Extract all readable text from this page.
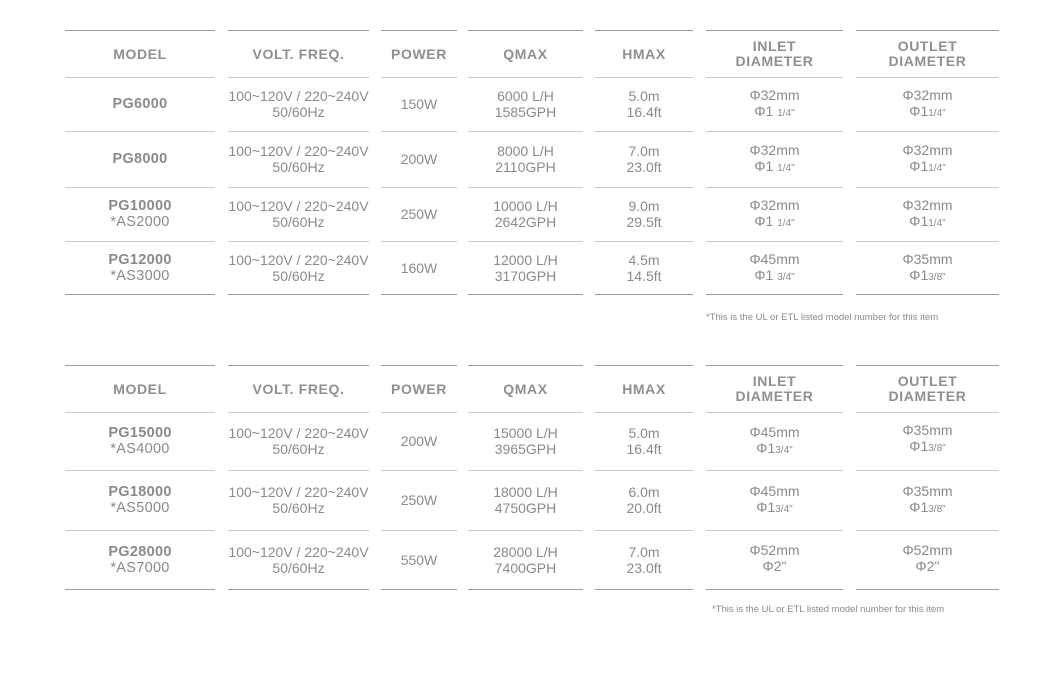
MODEL
PG6000
PG8000
PG10000
*AS2000
PG12000
*AS3000
VOLT. FREQ.
100~120V / 220~240V
50/60Hz
100~120V / 220~240V
50/60Hz
100~120V / 220~240V
50/60Hz
100~120V / 220~240V
50/60Hz
POWER
150W
200W
250W
160W
QMAX
6000 L/H
1585GPH
8000 L/H
2110GPH
10000 L/H
2642GPH
12000 L/H
3170GPH
HMAX
5.0m
16.4ft
7.0m
23.0ft
9.0m
29.5ft
4.5m
14.5ft
INLET
DIAMETER
Φ32mm
Φ1 1/4"
Φ32mm
Φ1 1/4"
Φ32mm
Φ1 1/4"
Φ45mm
Φ1 3/4"
OUTLET
DIAMETER
Φ32mm
Φ11/4"
Φ32mm
Φ11/4"
Φ32mm
Φ11/4"
Φ35mm
Φ13/8"
*This is the UL or ETL listed model number for this item
MODEL
PG15000
*AS4000
PG18000
*AS5000
PG28000
*AS7000
VOLT. FREQ.
100~120V / 220~240V
50/60Hz
100~120V / 220~240V
50/60Hz
100~120V / 220~240V
50/60Hz
POWER
200W
250W
550W
QMAX
15000 L/H
3965GPH
18000 L/H
4750GPH
28000 L/H
7400GPH
HMAX
5.0m
16.4ft
6.0m
20.0ft
7.0m
23.0ft
INLET
DIAMETER
Φ45mm
Φ13/4"
Φ45mm
Φ13/4"
Φ52mm
Φ2"
OUTLET
DIAMETER
Φ35mm
Φ13/8"
Φ35mm
Φ13/8"
Φ52mm
Φ2"
*This is the UL or ETL listed model number for this item
